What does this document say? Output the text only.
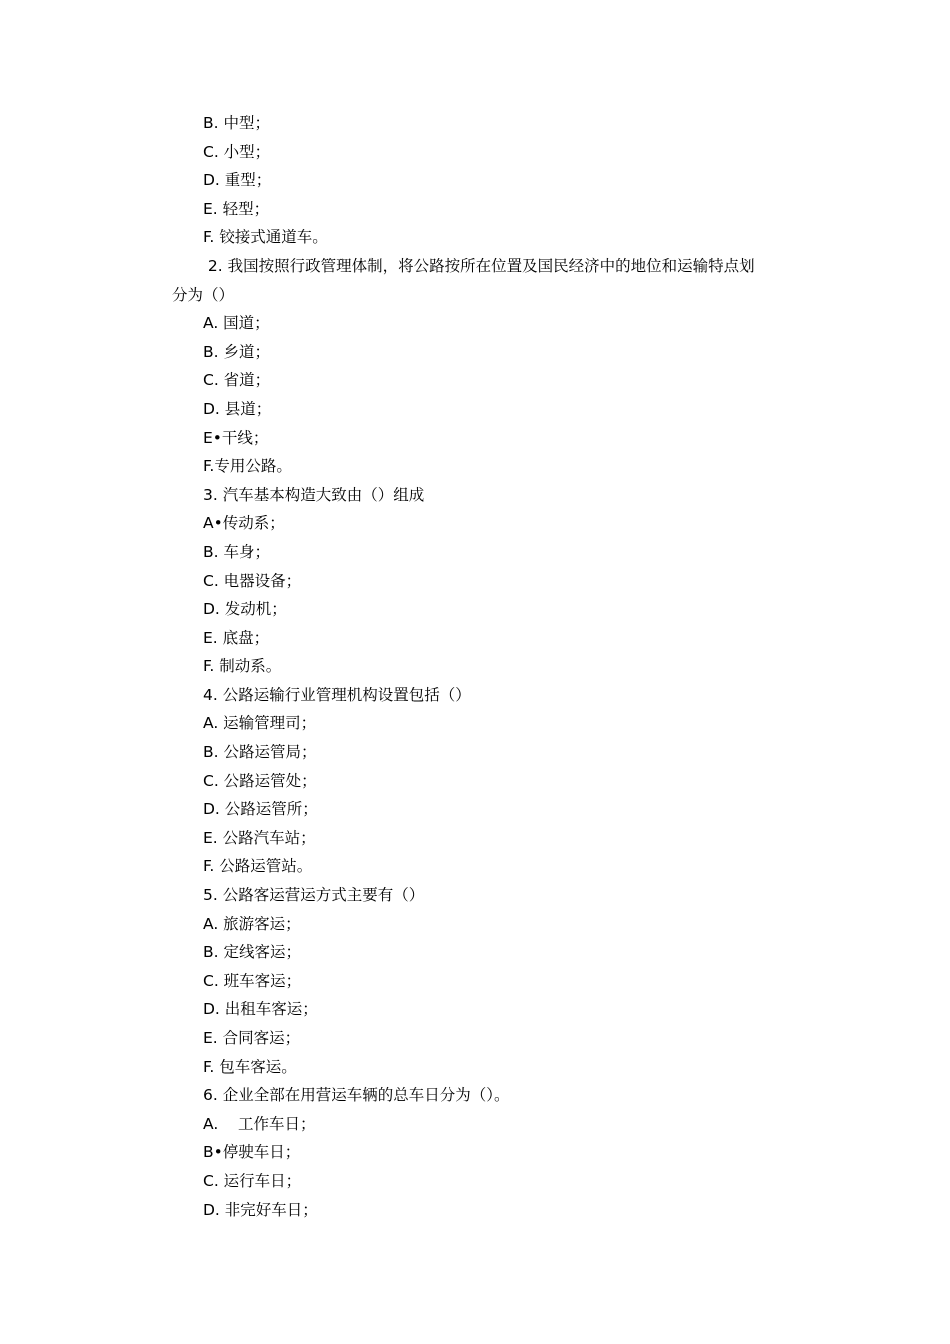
B. 中型；
C. 小型；
D. 重型；
E. 轻型；
F. 铰接式通道车。
2. 我国按照行政管理体制，将公路按所在位置及国民经济中的地位和运输特点划
分为（）
A. 国道；
B. 乡道；
C. 省道；
D. 县道；
E•干线；
F.专用公路。
3. 汽车基本构造大致由（）组成
A•传动系；
B. 车身；
C. 电器设备；
D. 发动机；
E. 底盘；
F. 制动系。
4. 公路运输行业管理机构设置包括（）
A. 运输管理司；
B. 公路运管局；
C. 公路运管处；
D. 公路运管所；
E. 公路汽车站；
F. 公路运管站。
5. 公路客运营运方式主要有（）
A. 旅游客运；
B. 定线客运；
C. 班车客运；
D. 出租车客运；
E. 合同客运；
F. 包车客运。
6. 企业全部在用营运车辆的总车日分为（）。
A.    工作车日；
B•停驶车日；
C. 运行车日；
D. 非完好车日；
